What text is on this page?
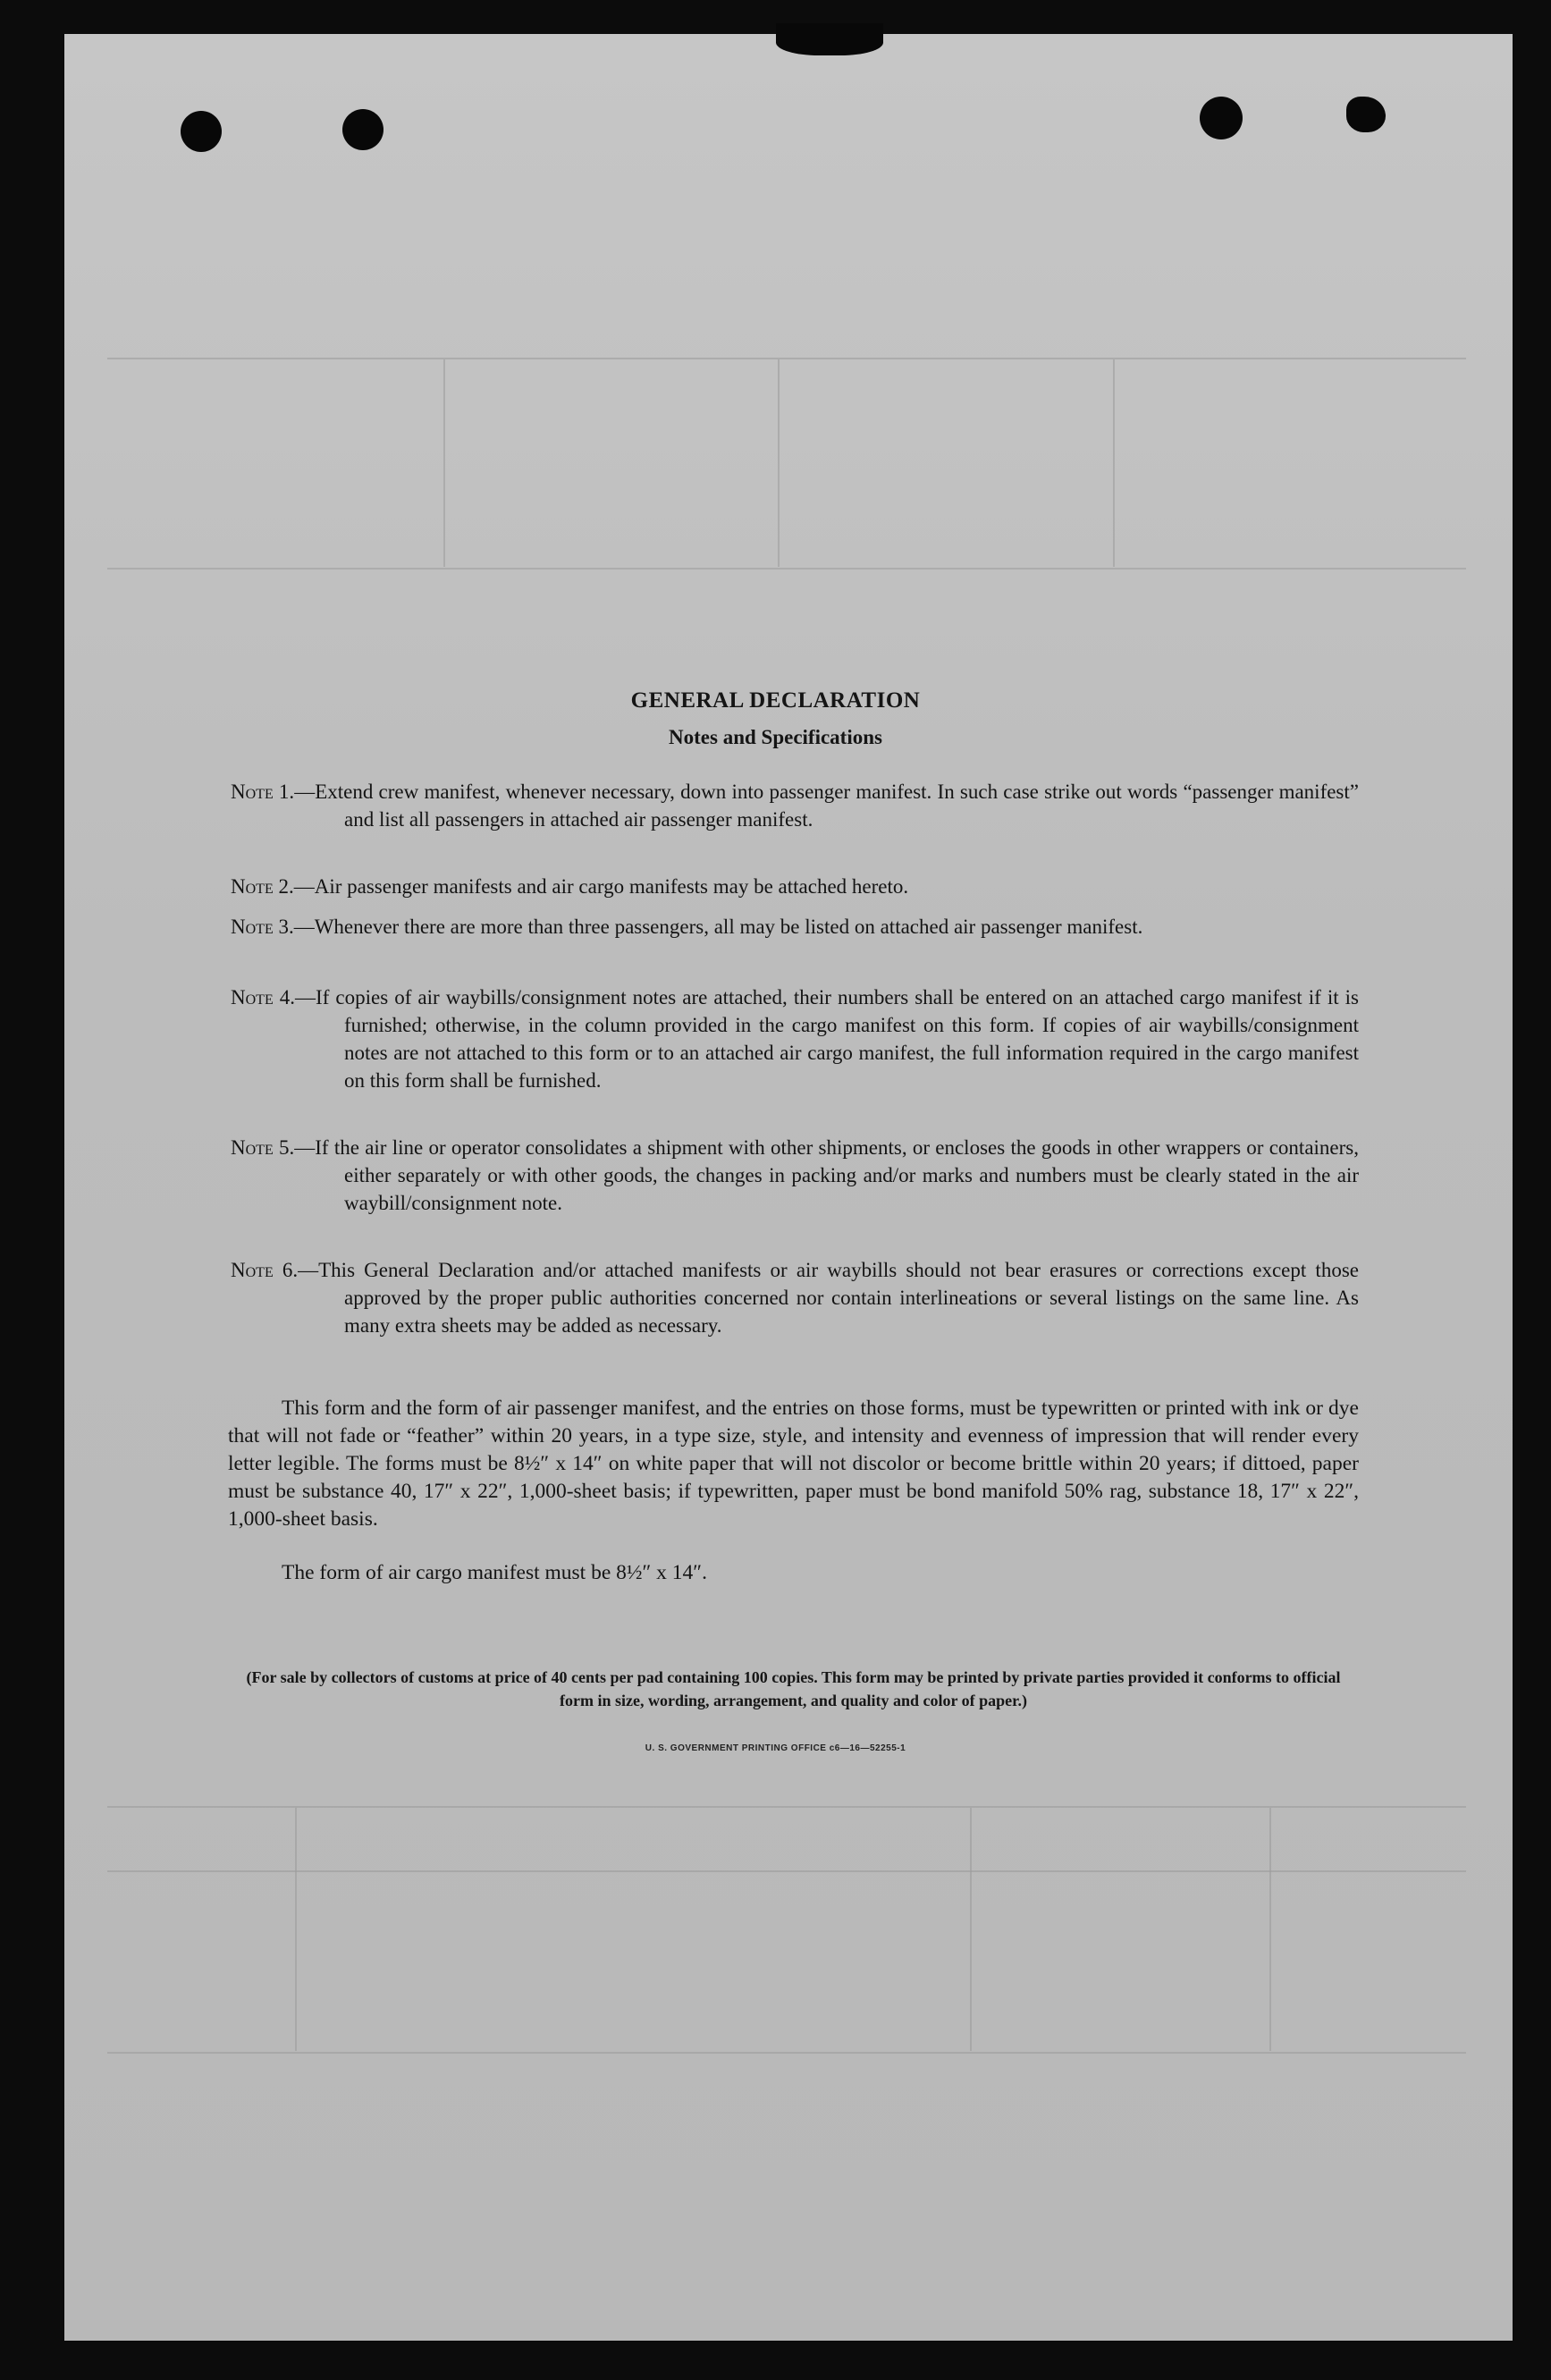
GENERAL DECLARATION
Notes and Specifications
Note 1.—Extend crew manifest, whenever necessary, down into passenger manifest. In such case strike out words “passenger manifest” and list all passengers in attached air passenger manifest.
Note 2.—Air passenger manifests and air cargo manifests may be attached hereto.
Note 3.—Whenever there are more than three passengers, all may be listed on attached air passenger manifest.
Note 4.—If copies of air waybills/consignment notes are attached, their numbers shall be entered on an attached cargo manifest if it is furnished; otherwise, in the column provided in the cargo manifest on this form. If copies of air waybills/consignment notes are not attached to this form or to an attached air cargo manifest, the full information required in the cargo manifest on this form shall be furnished.
Note 5.—If the air line or operator consolidates a shipment with other shipments, or encloses the goods in other wrappers or containers, either separately or with other goods, the changes in packing and/or marks and numbers must be clearly stated in the air waybill/consignment note.
Note 6.—This General Declaration and/or attached manifests or air waybills should not bear erasures or corrections except those approved by the proper public authorities concerned nor contain interlineations or several listings on the same line. As many extra sheets may be added as necessary.
This form and the form of air passenger manifest, and the entries on those forms, must be typewritten or printed with ink or dye that will not fade or “feather” within 20 years, in a type size, style, and intensity and evenness of impression that will render every letter legible. The forms must be 8½″ x 14″ on white paper that will not discolor or become brittle within 20 years; if dittoed, paper must be substance 40, 17″ x 22″, 1,000-sheet basis; if typewritten, paper must be bond manifold 50% rag, substance 18, 17″ x 22″, 1,000-sheet basis.
The form of air cargo manifest must be 8½″ x 14″.
(For sale by collectors of customs at price of 40 cents per pad containing 100 copies. This form may be printed by private parties provided it conforms to official form in size, wording, arrangement, and quality and color of paper.)
U. S. GOVERNMENT PRINTING OFFICE c6—16—52255-1
